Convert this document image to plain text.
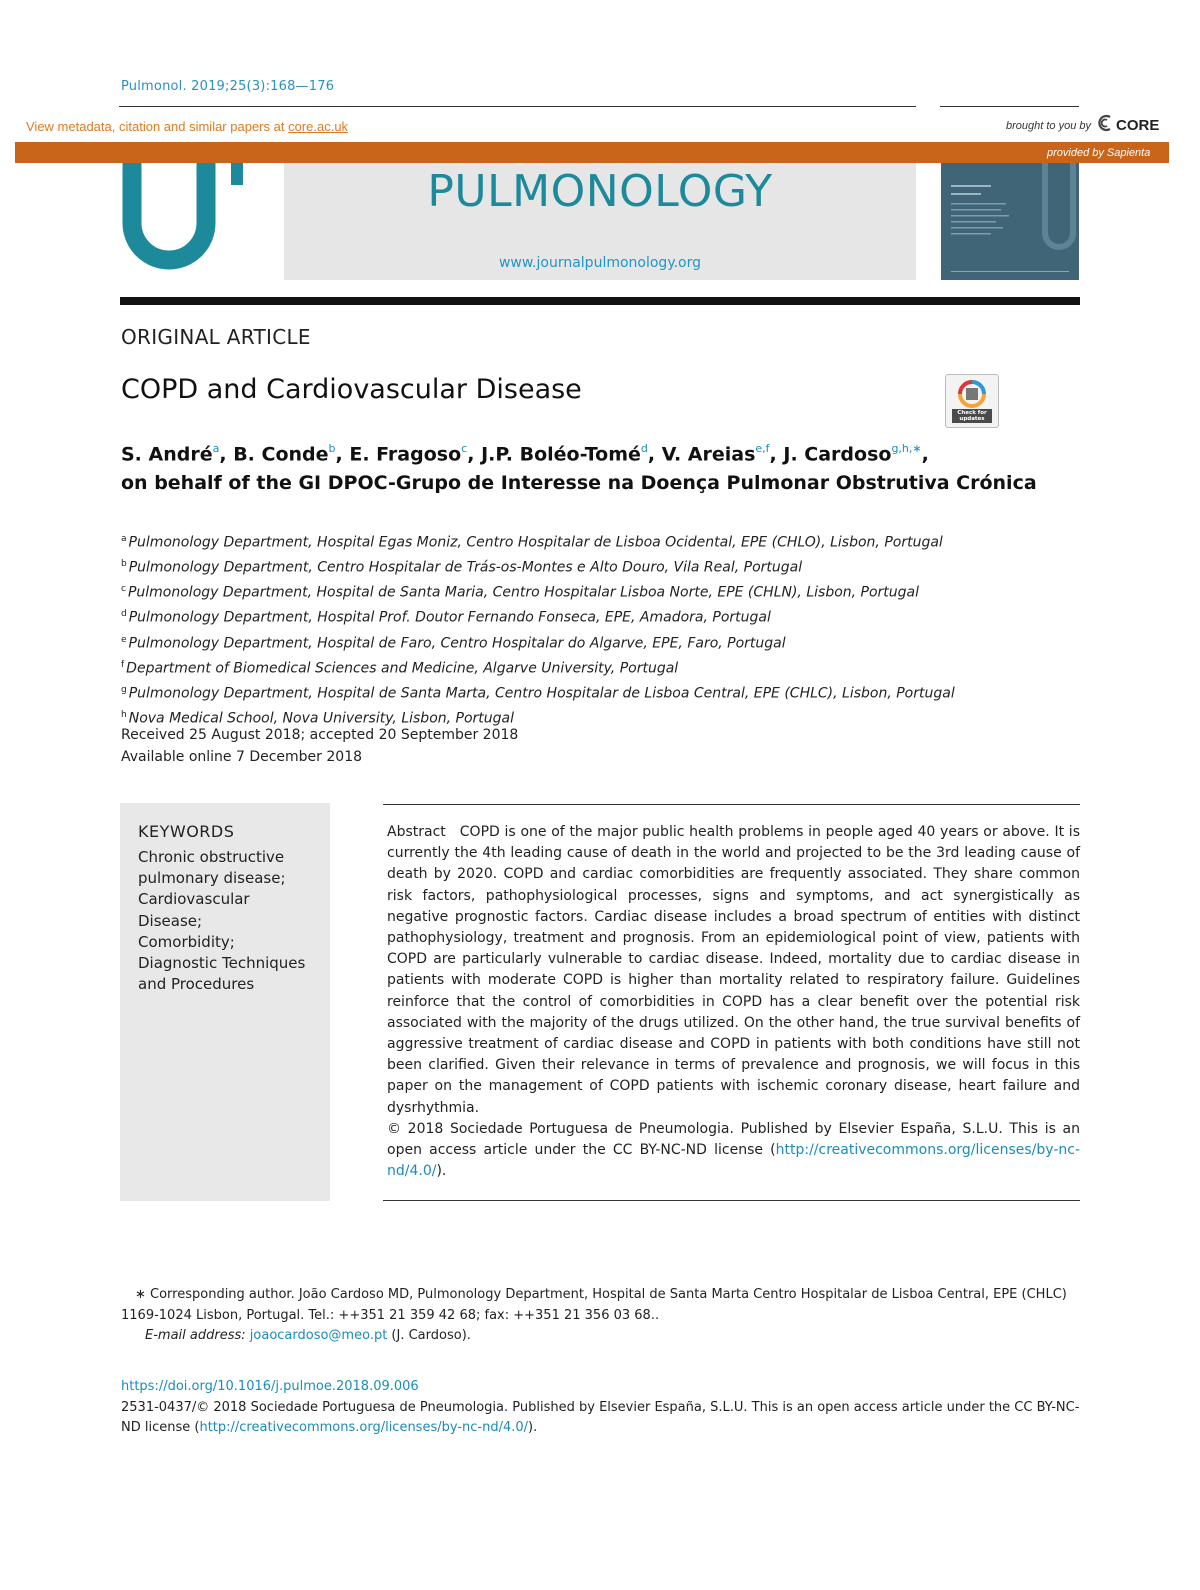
Pulmonol. 2019;25(3):168—176
View metadata, citation and similar papers at core.ac.uk	brought to you by CORE
provided by Sapienta
PULMONOLOGY
www.journalpulmonology.org
ORIGINAL ARTICLE
COPD and Cardiovascular Disease
Check for updates
S. André$^a$, B. Conde$^b$, E. Fragoso$^c$, J.P. Boléo-Tomé$^d$, V. Areias$^{e,f}$, J. Cardoso$^{g,h,∗}$,
on behalf of the GI DPOC-Grupo de Interesse na Doença Pulmonar Obstrutiva Crónica
$^a$ Pulmonology Department, Hospital Egas Moniz, Centro Hospitalar de Lisboa Ocidental, EPE (CHLO), Lisbon, Portugal
$^b$ Pulmonology Department, Centro Hospitalar de Trás-os-Montes e Alto Douro, Vila Real, Portugal
$^c$ Pulmonology Department, Hospital de Santa Maria, Centro Hospitalar Lisboa Norte, EPE (CHLN), Lisbon, Portugal
$^d$ Pulmonology Department, Hospital Prof. Doutor Fernando Fonseca, EPE, Amadora, Portugal
$^e$ Pulmonology Department, Hospital de Faro, Centro Hospitalar do Algarve, EPE, Faro, Portugal
$^f$ Department of Biomedical Sciences and Medicine, Algarve University, Portugal
$^g$ Pulmonology Department, Hospital de Santa Marta, Centro Hospitalar de Lisboa Central, EPE (CHLC), Lisbon, Portugal
$^h$ Nova Medical School, Nova University, Lisbon, Portugal
Received 25 August 2018; accepted 20 September 2018
Available online 7 December 2018
KEYWORDS
Chronic obstructive
pulmonary disease;
Cardiovascular
Disease;
Comorbidity;
Diagnostic Techniques
and Procedures
Abstract COPD is one of the major public health problems in people aged 40 years or above. It is currently the 4th leading cause of death in the world and projected to be the 3rd leading cause of death by 2020. COPD and cardiac comorbidities are frequently associated. They share common risk factors, pathophysiological processes, signs and symptoms, and act synergistically as negative prognostic factors. Cardiac disease includes a broad spectrum of entities with distinct pathophysiology, treatment and prognosis. From an epidemiological point of view, patients with COPD are particularly vulnerable to cardiac disease. Indeed, mortality due to cardiac disease in patients with moderate COPD is higher than mortality related to respiratory failure. Guidelines reinforce that the control of comorbidities in COPD has a clear benefit over the potential risk associated with the majority of the drugs utilized. On the other hand, the true survival benefits of aggressive treatment of cardiac disease and COPD in patients with both conditions have still not been clarified. Given their relevance in terms of prevalence and prognosis, we will focus in this paper on the management of COPD patients with ischemic coronary disease, heart failure and dysrhythmia.
© 2018 Sociedade Portuguesa de Pneumologia. Published by Elsevier España, S.L.U. This is an open access article under the CC BY-NC-ND license (http://creativecommons.org/licenses/by-nc-nd/4.0/).
∗ Corresponding author. João Cardoso MD, Pulmonology Department, Hospital de Santa Marta Centro Hospitalar de Lisboa Central, EPE (CHLC) 1169-1024 Lisbon, Portugal. Tel.: ++351 21 359 42 68; fax: ++351 21 356 03 68..
E-mail address: joaocardoso@meo.pt (J. Cardoso).
https://doi.org/10.1016/j.pulmoe.2018.09.006
2531-0437/© 2018 Sociedade Portuguesa de Pneumologia. Published by Elsevier España, S.L.U. This is an open access article under the CC BY-NC-ND license (http://creativecommons.org/licenses/by-nc-nd/4.0/).
